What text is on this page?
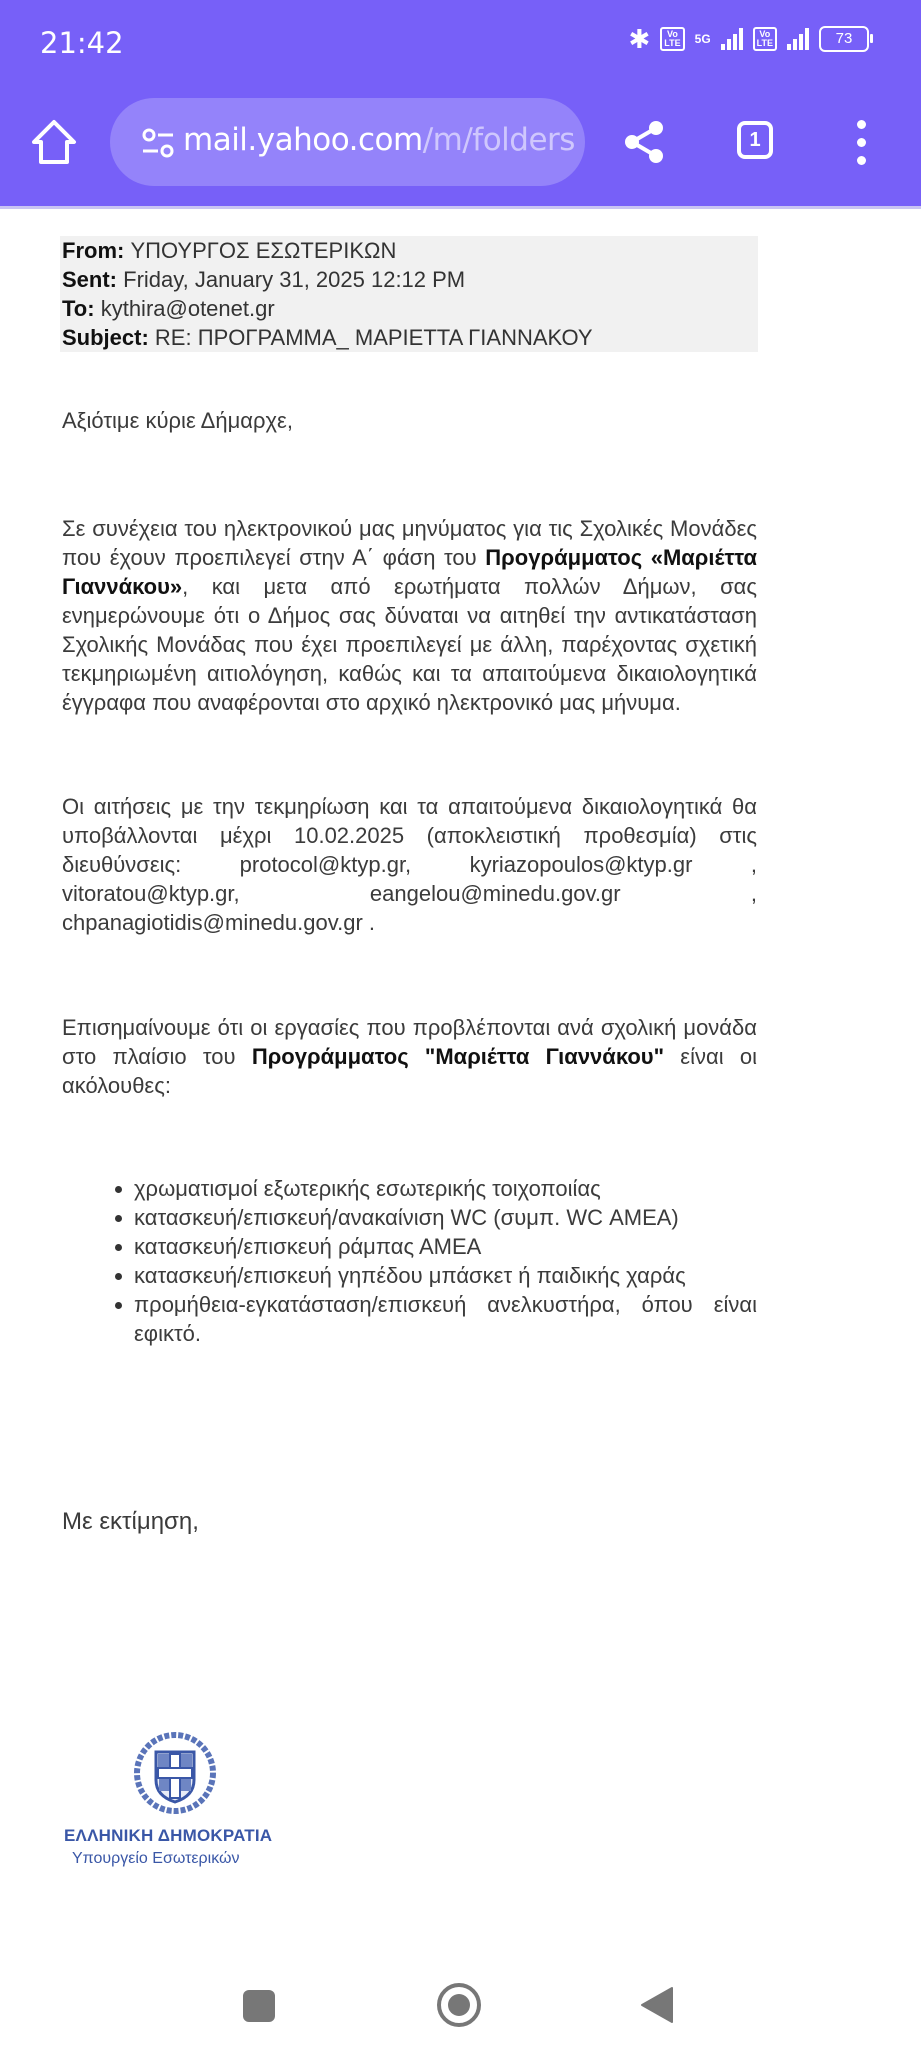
21:42	✱	Vo
LTE	5G	Vo
LTE	73
mail.yahoo.com/m/folders	1
From: ΥΠΟΥΡΓΟΣ ΕΣΩΤΕΡΙΚΩΝ
Sent: Friday, January 31, 2025 12:12 PM
To: kythira@otenet.gr
Subject: RE: ΠΡΟΓΡΑΜΜΑ_ ΜΑΡΙΕΤΤΑ ΓΙΑΝΝΑΚΟΥ
Αξιότιμε κύριε Δήμαρχε,
Σε συνέχεια του ηλεκτρονικού μας μηνύματος για τις Σχολικές Μονάδες που έχουν προεπιλεγεί στην Α΄ φάση του Προγράμματος «Μαριέττα Γιαννάκου», και μετα από ερωτήματα πολλών Δήμων, σας ενημερώνουμε ότι ο Δήμος σας δύναται να αιτηθεί την αντικατάσταση Σχολικής Μονάδας που έχει προεπιλεγεί με άλλη, παρέχοντας σχετική τεκμηριωμένη αιτιολόγηση, καθώς και τα απαιτούμενα δικαιολογητικά έγγραφα που αναφέρονται στο αρχικό ηλεκτρονικό μας μήνυμα.
Οι αιτήσεις με την τεκμηρίωση και τα απαιτούμενα δικαιολογητικά θα υποβάλλονται μέχρι 10.02.2025 (αποκλειστική προθεσμία) στις διευθύνσεις: protocol@ktyp.gr, kyriazopoulos@ktyp.gr , vitoratou@ktyp.gr, eangelou@minedu.gov.gr , chpanagiotidis@minedu.gov.gr .
Επισημαίνουμε ότι οι εργασίες που προβλέπονται ανά σχολική μονάδα στο πλαίσιο του Προγράμματος "Μαριέττα Γιαννάκου" είναι οι ακόλουθες:
χρωματισμοί εξωτερικής εσωτερικής τοιχοποιίας
κατασκευή/επισκευή/ανακαίνιση WC (συμπ. WC ΑΜΕΑ)
κατασκευή/επισκευή ράμπας ΑΜΕΑ
κατασκευή/επισκευή γηπέδου μπάσκετ ή παιδικής χαράς
προμήθεια-εγκατάσταση/επισκευή ανελκυστήρα, όπου είναι εφικτό.
Με εκτίμηση,
ΕΛΛΗΝΙΚΗ ΔΗΜΟΚΡΑΤΙΑ
Υπουργείο Εσωτερικών
